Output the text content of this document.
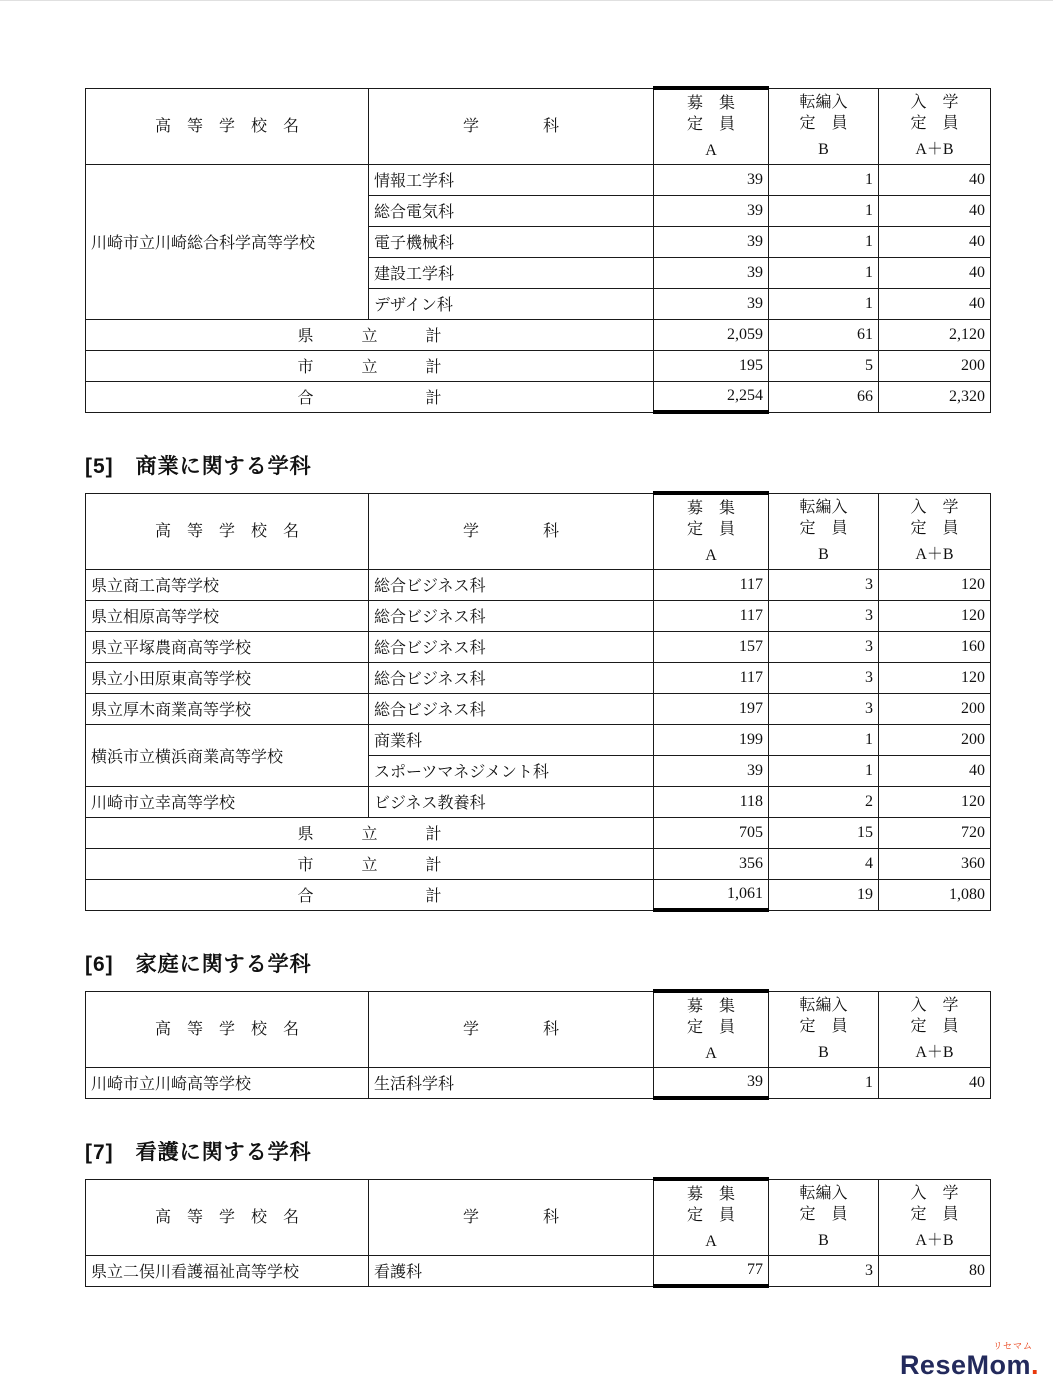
高　等　学　校　名	学　　　　科	
募　集
定　員
A

転編入
定　員
B

入　学
定　員
A＋B

川崎市立川崎総合科学高等学校	情報工学科	39	1	40
	総合電気科	39	1	40
	電子機械科	39	1	40
	建設工学科	39	1	40
	デザイン科	39	1	40
県　　　立　　　計		2,059	61	2,120
市　　　立　　　計		195	5	200
合　　　　　　　計		2,254	66	2,320
[5]　商業に関する学科
高　等　学　校　名	学　　　　科	
募　集
定　員
A

転編入
定　員
B

入　学
定　員
A＋B

県立商工高等学校	総合ビジネス科	117	3	120
県立相原高等学校	総合ビジネス科	117	3	120
県立平塚農商高等学校	総合ビジネス科	157	3	160
県立小田原東高等学校	総合ビジネス科	117	3	120
県立厚木商業高等学校	総合ビジネス科	197	3	200
横浜市立横浜商業高等学校	商業科	199	1	200
	スポーツマネジメント科	39	1	40
川崎市立幸高等学校	ビジネス教養科	118	2	120
県　　　立　　　計		705	15	720
市　　　立　　　計		356	4	360
合　　　　　　　計		1,061	19	1,080
[6]　家庭に関する学科
高　等　学　校　名	学　　　　科	
募　集
定　員
A

転編入
定　員
B

入　学
定　員
A＋B

川崎市立川崎高等学校	生活科学科	39	1	40
[7]　看護に関する学科
高　等　学　校　名	学　　　　科	
募　集
定　員
A

転編入
定　員
B

入　学
定　員
A＋B

県立二俣川看護福祉高等学校	看護科	77	3	80
リセマム
ReseMom.
